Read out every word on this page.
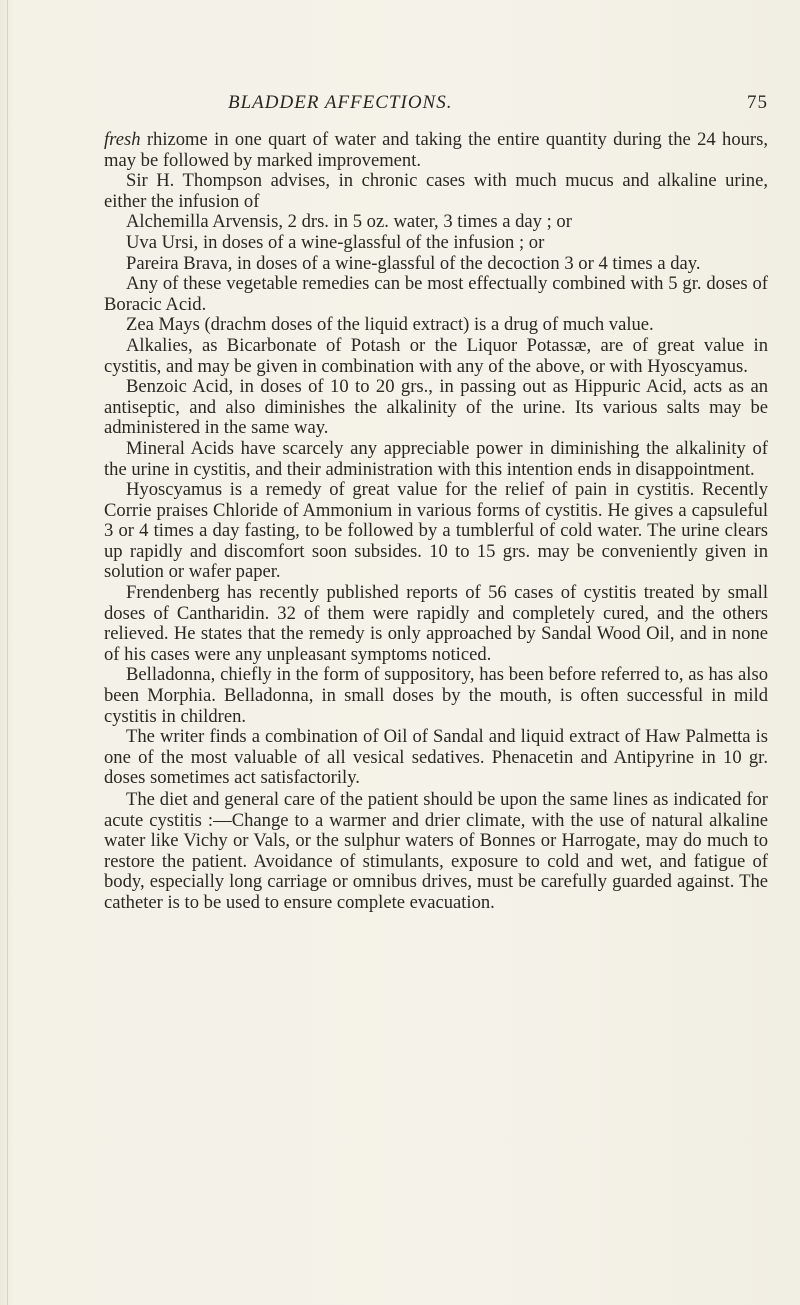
BLADDER AFFECTIONS.	75

fresh rhizome in one quart of water and taking the entire quantity during the 24 hours, may be followed by marked improvement.

Sir H. Thompson advises, in chronic cases with much mucus and alkaline urine, either the infusion of

Alchemilla Arvensis, 2 drs. in 5 oz. water, 3 times a day ; or

Uva Ursi, in doses of a wine-glassful of the infusion ; or

Pareira Brava, in doses of a wine-glassful of the decoction 3 or 4 times a day.

Any of these vegetable remedies can be most effectually combined with 5 gr. doses of Boracic Acid.

Zea Mays (drachm doses of the liquid extract) is a drug of much value.

Alkalies, as Bicarbonate of Potash or the Liquor Potassæ, are of great value in cystitis, and may be given in combination with any of the above, or with Hyoscyamus.

Benzoic Acid, in doses of 10 to 20 grs., in passing out as Hippuric Acid, acts as an antiseptic, and also diminishes the alkalinity of the urine. Its various salts may be administered in the same way.

Mineral Acids have scarcely any appreciable power in diminishing the alkalinity of the urine in cystitis, and their administration with this intention ends in disappointment.

Hyoscyamus is a remedy of great value for the relief of pain in cystitis. Recently Corrie praises Chloride of Ammonium in various forms of cystitis. He gives a capsuleful 3 or 4 times a day fasting, to be followed by a tumblerful of cold water. The urine clears up rapidly and discomfort soon subsides. 10 to 15 grs. may be conveniently given in solution or wafer paper.

Frendenberg has recently published reports of 56 cases of cystitis treated by small doses of Cantharidin. 32 of them were rapidly and completely cured, and the others relieved. He states that the remedy is only approached by Sandal Wood Oil, and in none of his cases were any unpleasant symptoms noticed.

Belladonna, chiefly in the form of suppository, has been before referred to, as has also been Morphia. Belladonna, in small doses by the mouth, is often successful in mild cystitis in children.

The writer finds a combination of Oil of Sandal and liquid extract of Haw Palmetta is one of the most valuable of all vesical sedatives. Phenacetin and Antipyrine in 10 gr. doses sometimes act satisfactorily.

The diet and general care of the patient should be upon the same lines as indicated for acute cystitis :—Change to a warmer and drier climate, with the use of natural alkaline water like Vichy or Vals, or the sulphur waters of Bonnes or Harrogate, may do much to restore the patient. Avoidance of stimulants, exposure to cold and wet, and fatigue of body, especially long carriage or omnibus drives, must be carefully guarded against. The catheter is to be used to ensure complete evacuation.
